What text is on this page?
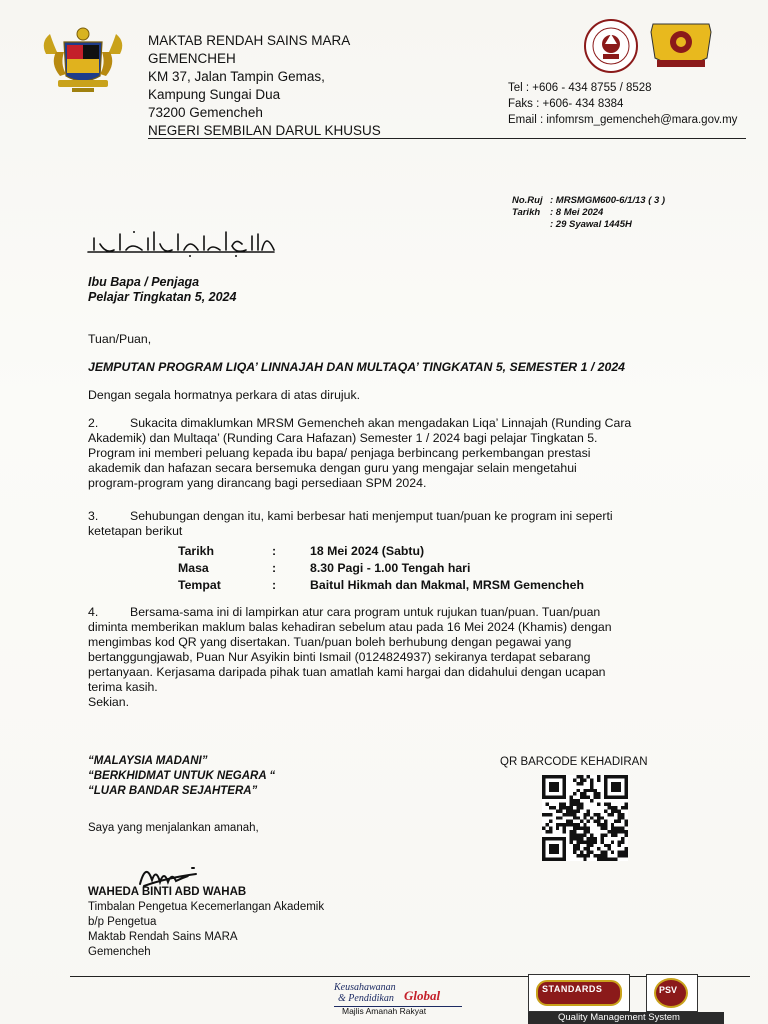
MAKTAB RENDAH SAINS MARA
GEMENCHEH
KM 37, Jalan Tampin Gemas,
Kampung Sungai Dua
73200 Gemencheh
NEGERI SEMBILAN DARUL KHUSUS
Tel : +606 - 434 8755 / 8528
Faks : +606- 434 8384
Email : infomrsm_gemencheh@mara.gov.my
No.Ruj : MRSMGM600-6/1/13 ( 3 )
Tarikh : 8 Mei 2024
: 29 Syawal 1445H
Ibu Bapa / Penjaga
Pelajar Tingkatan 5, 2024
Tuan/Puan,
JEMPUTAN PROGRAM LIQA’ LINNAJAH DAN MULTAQA’ TINGKATAN 5, SEMESTER 1 / 2024
Dengan segala hormatnya perkara di atas dirujuk.
2.	Sukacita dimaklumkan MRSM Gemencheh akan mengadakan Liqa’ Linnajah (Runding Cara
Akademik) dan Multaqa’ (Runding Cara Hafazan) Semester 1 / 2024 bagi pelajar Tingkatan 5.
Program ini memberi peluang kepada ibu bapa/ penjaga berbincang perkembangan prestasi
akademik dan hafazan secara bersemuka dengan guru yang mengajar selain mengetahui
program-program yang dirancang bagi persediaan SPM 2024.
3.	Sehubungan dengan itu, kami berbesar hati menjemput tuan/puan ke program ini seperti
ketetapan berikut
Tarikh	:	18 Mei 2024 (Sabtu)
Masa	:	8.30 Pagi - 1.00 Tengah hari
Tempat	:	Baitul Hikmah dan Makmal, MRSM Gemencheh
4.	Bersama-sama ini di lampirkan atur cara program untuk rujukan tuan/puan. Tuan/puan
diminta memberikan maklum balas kehadiran sebelum atau pada 16 Mei 2024 (Khamis) dengan
mengimbas kod QR yang disertakan. Tuan/puan boleh berhubung dengan pegawai yang
bertanggungjawab, Puan Nur Asyikin binti Ismail (0124824937) sekiranya terdapat sebarang
pertanyaan. Kerjasama daripada pihak tuan amatlah kami hargai dan didahului dengan ucapan
terima kasih.
Sekian.
“MALAYSIA MADANI”
“BERKHIDMAT UNTUK NEGARA “
“LUAR BANDAR SEJAHTERA”
Saya yang menjalankan amanah,
QR BARCODE KEHADIRAN
WAHEDA BINTI ABD WAHAB
Timbalan Pengetua Kecemerlangan Akademik
b/p Pengetua
Maktab Rendah Sains MARA
Gemencheh
Keusahawanan
Global
& Pendidikan
Majlis Amanah Rakyat
STANDARDS	PSV
Quality Management System
